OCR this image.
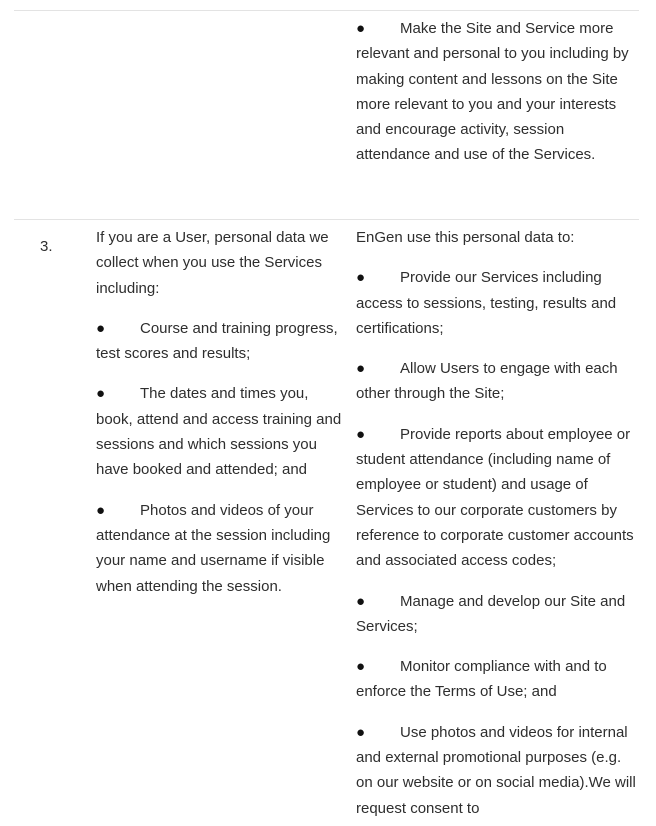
● Make the Site and Service more relevant and personal to you including by making content and lessons on the Site more relevant to you and your interests and encourage activity, session attendance and use of the Services.
3.

If you are a User, personal data we collect when you use the Services including:

● Course and training progress, test scores and results;
● The dates and times you, book, attend and access training and sessions and which sessions you have booked and attended; and
● Photos and videos of your attendance at the session including your name and username if visible when attending the session.

EnGen use this personal data to:

● Provide our Services including access to sessions, testing, results and certifications;
● Allow Users to engage with each other through the Site;
● Provide reports about employee or student attendance (including name of employee or student) and usage of Services to our corporate customers by reference to corporate customer accounts and associated access codes;
● Manage and develop our Site and Services;
● Monitor compliance with and to enforce the Terms of Use; and
● Use photos and videos for internal and external promotional purposes (e.g. on our website or on social media).We will request consent to
